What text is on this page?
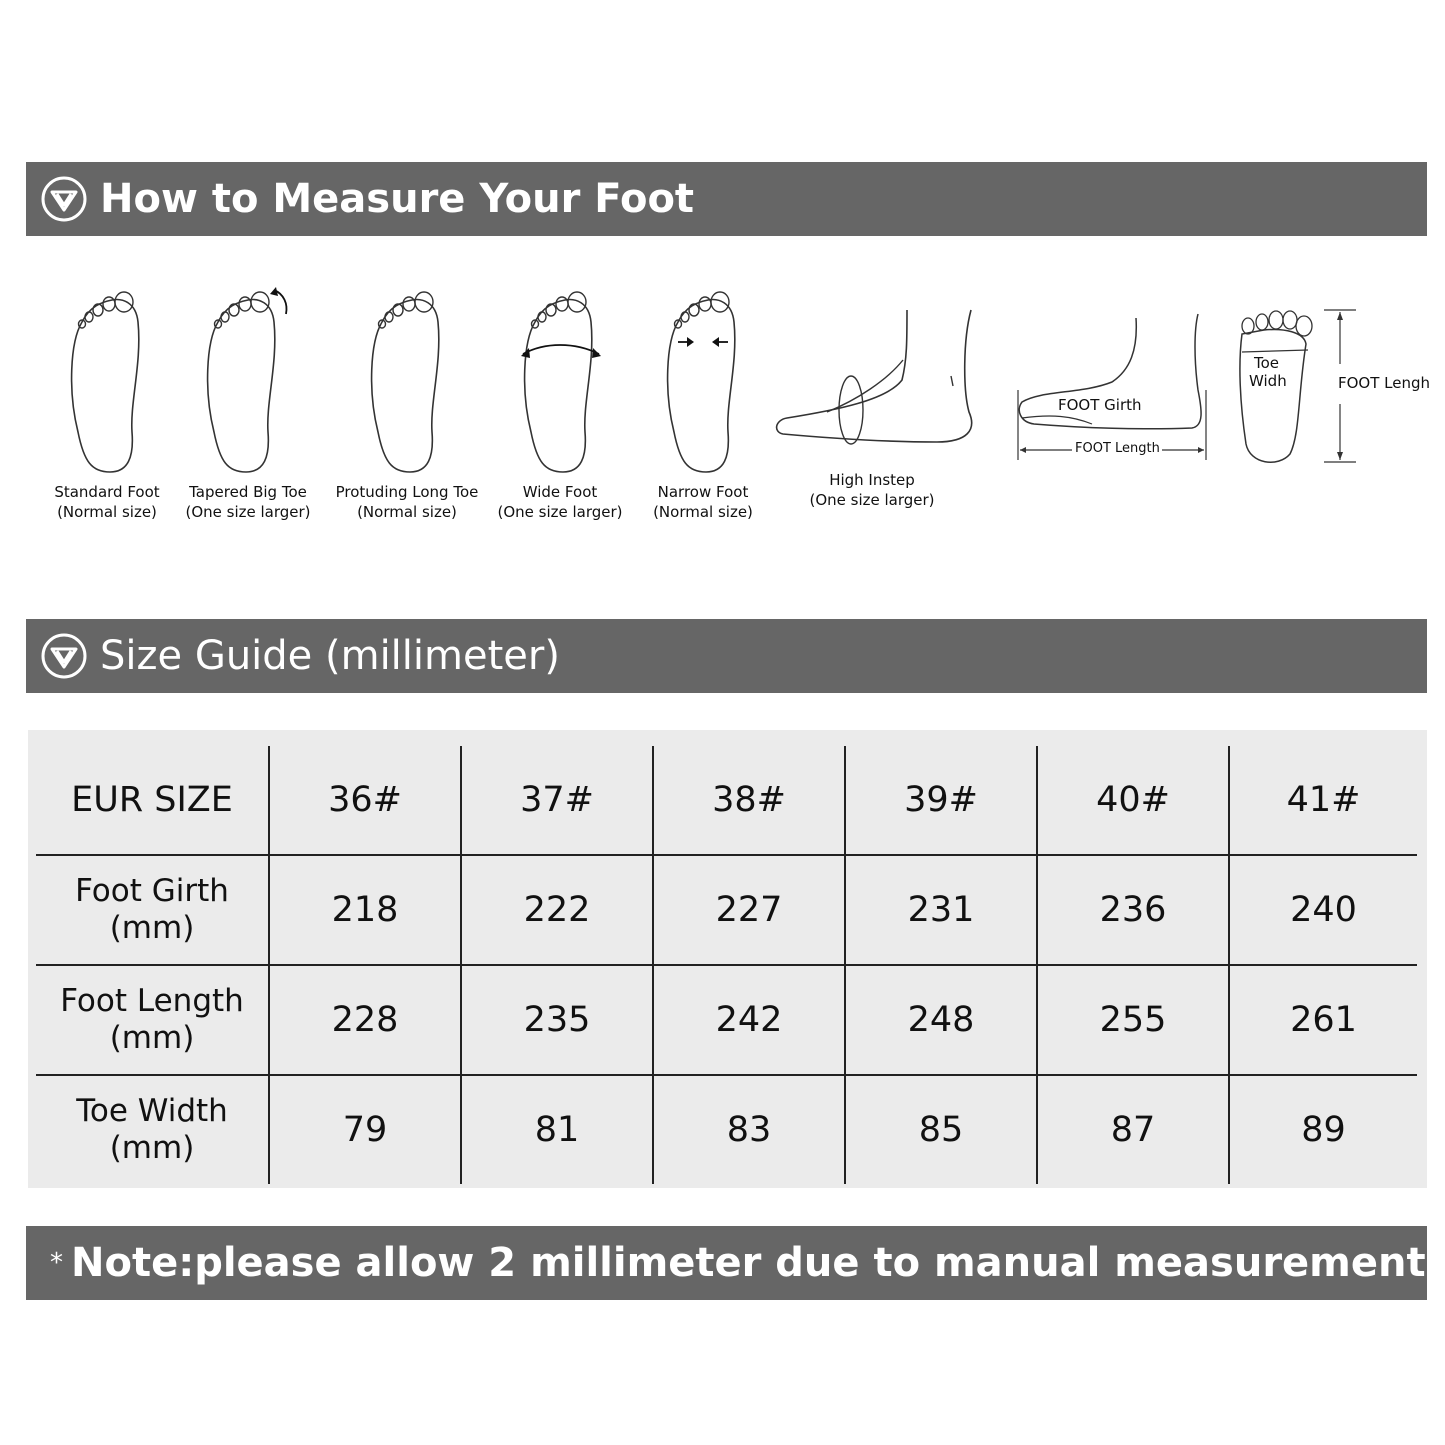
How to Measure Your Foot
Standard Foot
(Normal size)
Tapered Big Toe
(One size larger)
Protuding Long Toe
(Normal size)
Wide Foot
(One size larger)
Narrow Foot
(Normal size)
High Instep
(One size larger)
FOOT Girth
FOOT Length
Toe
Widh	FOOT Lengh
Size Guide (millimeter)
EUR SIZE	36#	37#	38#	39#	40#	41#
Foot Girth
(mm)	218	222	227	231	236	240
Foot Length
(mm)	228	235	242	248	255	261
Toe Width
(mm)	79	81	83	85	87	89
* Note:please allow 2 millimeter due to manual measurement
